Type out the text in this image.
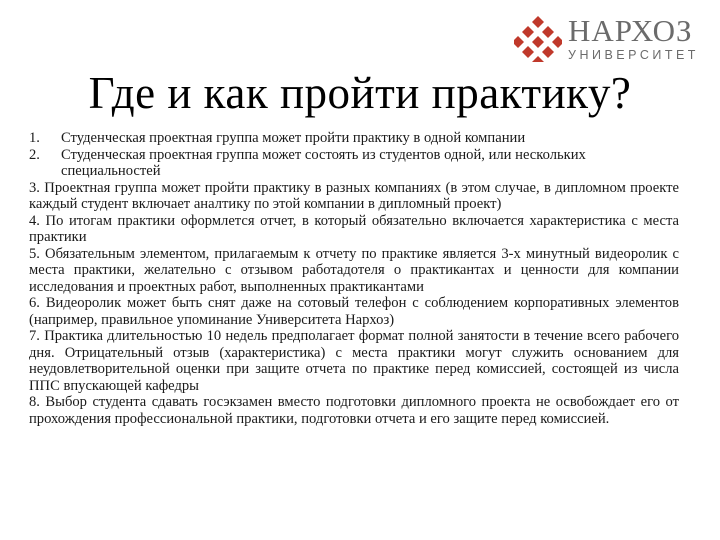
НАРХОЗ
УНИВЕРСИТЕТ
Где и как пройти практику?
1.	Студенческая проектная группа может пройти практику в одной компании
2.	Студенческая проектная группа может состоять из студентов одной, или нескольких специальностей

3. Проектная группа может пройти практику в разных компаниях (в этом случае, в дипломном проекте каждый студент включает аналтику по этой компании в дипломный проект)

4. По итогам практики оформлется отчет, в который обязательно включается характеристика с места практики

5. Обязательным элементом, прилагаемым к отчету по практике является 3-х минутный видеоролик с места практики, желательно с отзывом работадотеля о практикантах и ценности для компании исследования и проектных работ, выполненных практикантами

6. Видеоролик может быть снят даже на сотовый телефон с соблюдением корпоративных элементов (например, правильное упоминание Университета Нархоз)

7. Практика длительностью 10 недель предполагает формат полной занятости в течение всего рабочего дня. Отрицательный отзыв (характеристика) с места практики могут служить основанием для неудовлетворительной оценки при защите отчета по практике перед комиссией, состоящей из числа ППС впускающей кафедры

8. Выбор студента сдавать госэкзамен вместо подготовки дипломного проекта не освобождает его от прохождения профессиональной практики, подготовки отчета и его защите перед комиссией.
